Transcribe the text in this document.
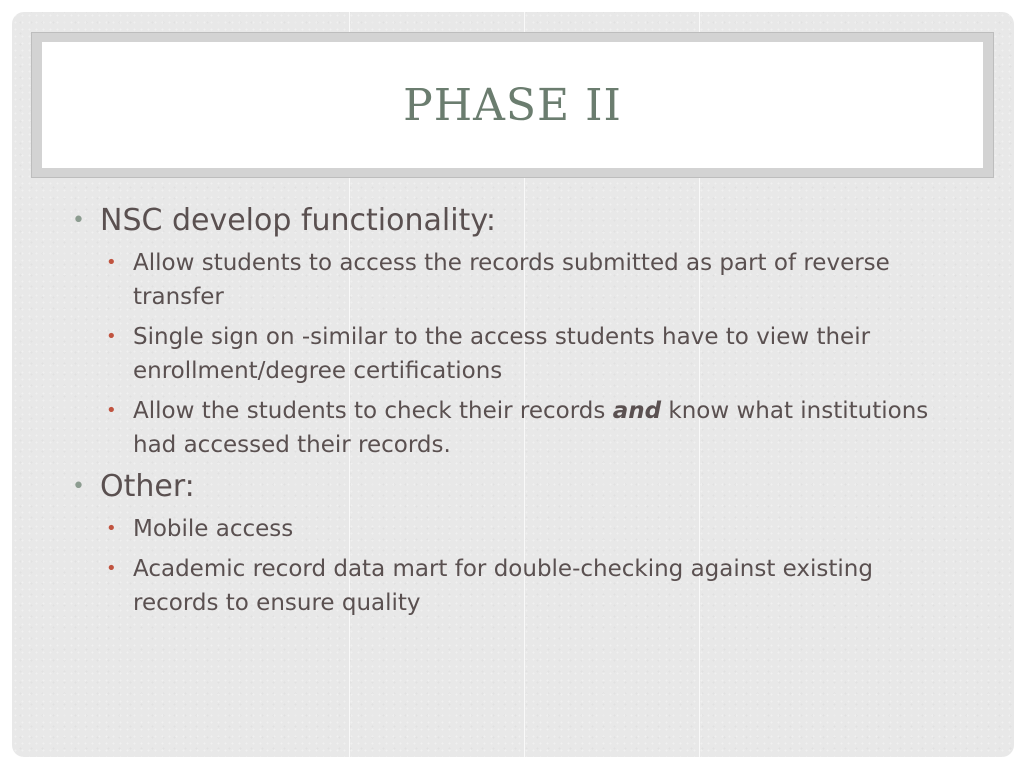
PHASE II
• NSC develop functionality:
• Allow students to access the records submitted as part of reverse transfer
• Single sign on -similar to the access students have to view their enrollment/degree certifications
• Allow the students to check their records and know what institutions had accessed their records.
• Other:
• Mobile access
• Academic record data mart for double-checking against existing records to ensure quality
